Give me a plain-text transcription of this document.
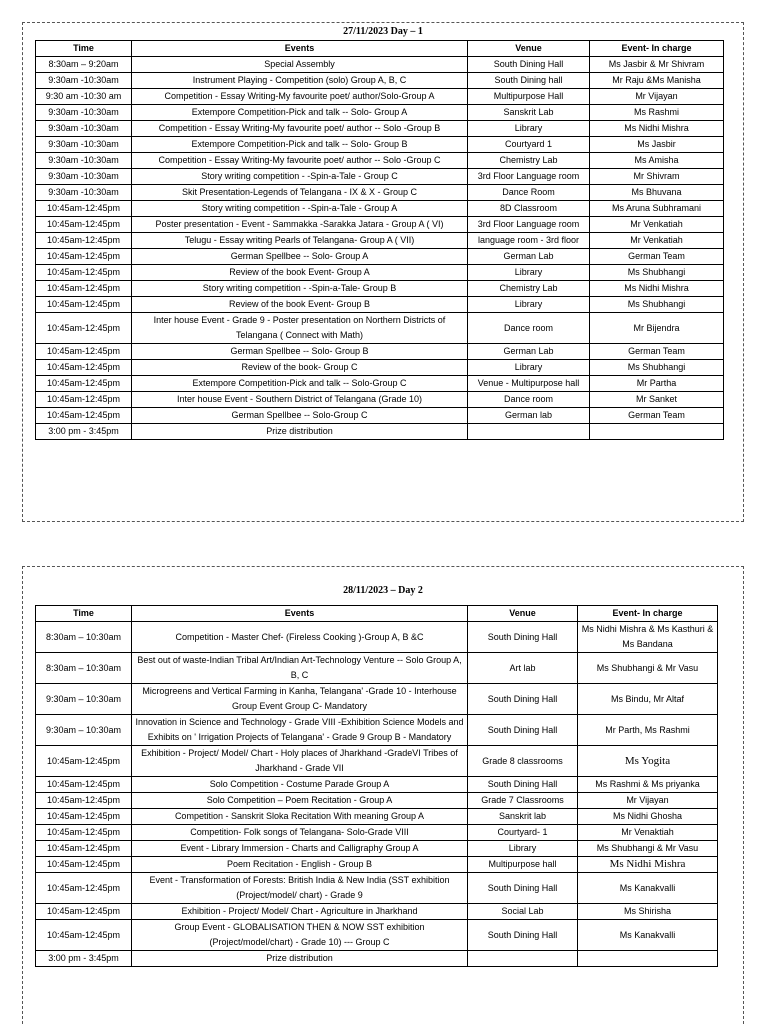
27/11/2023 Day – 1
Time	Events	Venue	Event- In charge
8:30am – 9:20am	Special Assembly	South Dining Hall	Ms Jasbir & Mr Shivram
9:30am -10:30am	Instrument Playing - Competition (solo) Group A, B, C	South Dining hall	Mr Raju &Ms Manisha
9:30 am -10:30 am	Competition - Essay Writing-My favourite poet/ author/Solo-Group A	Multipurpose Hall	Mr Vijayan
9:30am -10:30am	Extempore Competition-Pick and talk -- Solo- Group A	Sanskrit Lab	Ms Rashmi
9:30am -10:30am	Competition - Essay Writing-My favourite poet/ author -- Solo -Group B	Library	Ms Nidhi Mishra
9:30am -10:30am	Extempore Competition-Pick and talk -- Solo- Group B	Courtyard 1	Ms Jasbir
9:30am -10:30am	Competition - Essay Writing-My favourite poet/ author -- Solo -Group C	Chemistry Lab	Ms Amisha
9:30am -10:30am	Story writing competition - -Spin-a-Tale - Group C	3rd Floor Language room	Mr Shivram
9:30am -10:30am	Skit Presentation-Legends of Telangana - IX & X - Group C	Dance Room	Ms Bhuvana
10:45am-12:45pm	Story writing competition - -Spin-a-Tale - Group A	8D Classroom	Ms Aruna Subhramani
10:45am-12:45pm	Poster presentation - Event - Sammakka -Sarakka Jatara - Group A ( VI)	3rd Floor Language room	Mr Venkatiah
10:45am-12:45pm	Telugu - Essay writing Pearls of Telangana- Group A ( VII)	language room - 3rd floor	Mr Venkatiah
10:45am-12:45pm	German Spellbee -- Solo- Group A	German Lab	German Team
10:45am-12:45pm	Review of the book Event- Group A	Library	Ms Shubhangi
10:45am-12:45pm	Story writing competition - -Spin-a-Tale- Group B	Chemistry Lab	Ms Nidhi Mishra
10:45am-12:45pm	Review of the book Event- Group B	Library	Ms Shubhangi
10:45am-12:45pm	Inter house Event - Grade 9 - Poster presentation on Northern Districts of Telangana ( Connect with Math)	Dance room	Mr Bijendra
10:45am-12:45pm	German Spellbee -- Solo- Group B	German Lab	German Team
10:45am-12:45pm	Review of the book- Group C	Library	Ms Shubhangi
10:45am-12:45pm	Extempore Competition-Pick and talk -- Solo-Group C	Venue - Multipurpose hall	Mr Partha
10:45am-12:45pm	Inter house Event - Southern District of Telangana (Grade 10)	Dance room	Mr Sanket
10:45am-12:45pm	German Spellbee -- Solo-Group C	German lab	German Team
3:00 pm - 3:45pm	Prize distribution		
28/11/2023 – Day 2
Time	Events	Venue	Event- In charge
8:30am – 10:30am	Competition - Master Chef- (Fireless Cooking )-Group A, B &C	South Dining Hall	Ms Nidhi Mishra & Ms Kasthuri & Ms Bandana
8:30am – 10:30am	Best out of waste-Indian Tribal Art/Indian Art-Technology Venture -- Solo Group A, B, C	Art lab	Ms Shubhangi & Mr Vasu
9:30am – 10:30am	Microgreens and Vertical Farming in Kanha, Telangana' -Grade 10 - Interhouse Group Event Group C- Mandatory	South Dining Hall	Ms Bindu, Mr Altaf
9:30am – 10:30am	Innovation in Science and Technology - Grade VIII -Exhibition Science Models and Exhibits on ' Irrigation Projects of Telangana' - Grade 9 Group B - Mandatory	South Dining Hall	Mr Parth, Ms Rashmi
10:45am-12:45pm	Exhibition - Project/ Model/ Chart - Holy places of Jharkhand -GradeVI Tribes of Jharkhand - Grade VII	Grade 8 classrooms	Ms Yogita
10:45am-12:45pm	Solo Competition - Costume Parade Group A	South Dining Hall	Ms Rashmi & Ms priyanka
10:45am-12:45pm	Solo Competition – Poem Recitation - Group A	Grade 7 Classrooms	Mr Vijayan
10:45am-12:45pm	Competition - Sanskrit Sloka Recitation With meaning Group A	Sanskrit lab	Ms Nidhi Ghosha
10:45am-12:45pm	Competition- Folk songs of Telangana- Solo-Grade VIII	Courtyard- 1	Mr Venaktiah
10:45am-12:45pm	Event - Library Immersion - Charts and Calligraphy Group A	Library	Ms Shubhangi & Mr Vasu
10:45am-12:45pm	Poem Recitation - English - Group B	Multipurpose hall	Ms Nidhi Mishra
10:45am-12:45pm	Event - Transformation of Forests: British India & New India (SST exhibition (Project/model/ chart) - Grade 9	South Dining Hall	Ms Kanakvalli
10:45am-12:45pm	Exhibition - Project/ Model/ Chart - Agriculture in Jharkhand	Social Lab	Ms Shirisha
10:45am-12:45pm	Group Event - GLOBALISATION THEN & NOW SST exhibition (Project/model/chart) - Grade 10) --- Group C	South Dining Hall	Ms Kanakvalli
3:00 pm - 3:45pm	Prize distribution		
